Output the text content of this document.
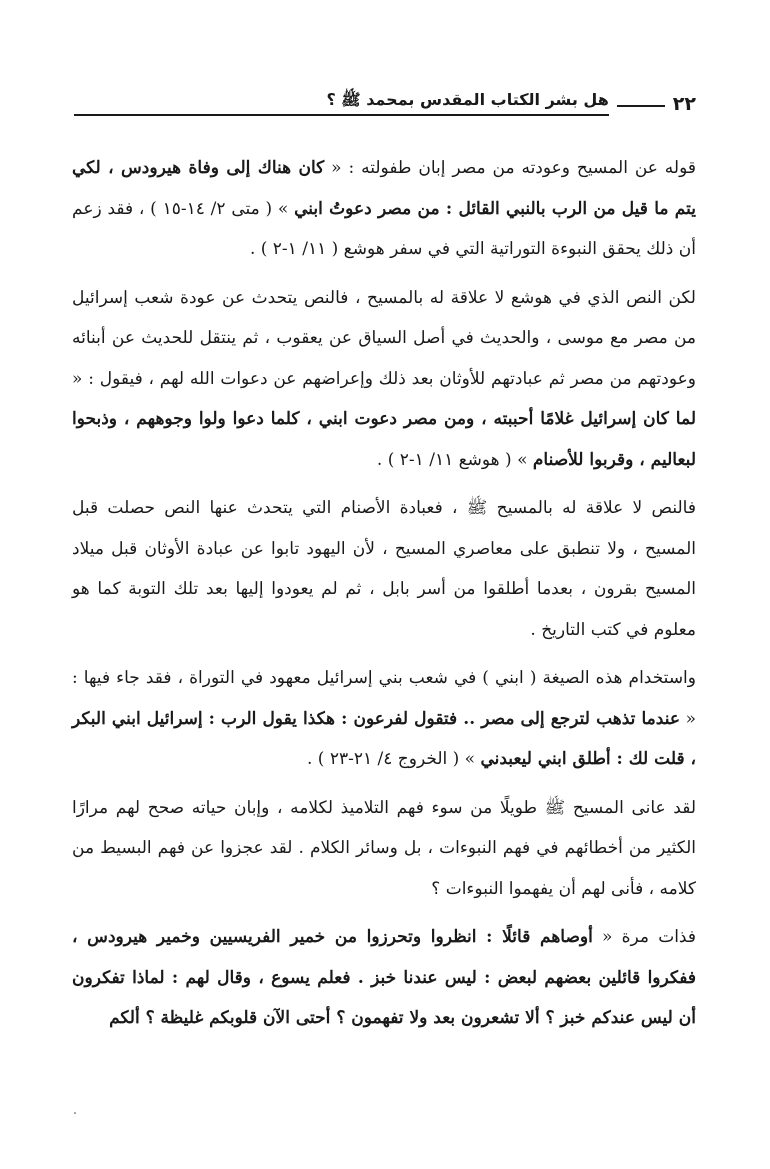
٢٢
هل بشر الكتاب المقدس بمحمد ﷺ ؟

قوله عن المسيح وعودته من مصر إبان طفولته : « كان هناك إلى وفاة هيرودس ، لكي يتم ما قيل من الرب بالنبي القائل : من مصر دعوتُ ابني » ( متى ٢/ ١٤-١٥ ) ، فقد زعم أن ذلك يحقق النبوءة التوراتية التي في سفر هوشع ( ١١/ ١-٢ ) .

لكن النص الذي في هوشع لا علاقة له بالمسيح ، فالنص يتحدث عن عودة شعب إسرائيل من مصر مع موسى ، والحديث في أصل السياق عن يعقوب ، ثم ينتقل للحديث عن أبنائه وعودتهم من مصر ثم عبادتهم للأوثان بعد ذلك وإعراضهم عن دعوات الله لهم ، فيقول : « لما كان إسرائيل غلامًا أحببته ، ومن مصر دعوت ابني ، كلما دعوا ولوا وجوههم ، وذبحوا لبعاليم ، وقربوا للأصنام » ( هوشع ١١/ ١-٢ ) .

فالنص لا علاقة له بالمسيح ﷺ ، فعبادة الأصنام التي يتحدث عنها النص حصلت قبل المسيح ، ولا تنطبق على معاصري المسيح ، لأن اليهود تابوا عن عبادة الأوثان قبل ميلاد المسيح بقرون ، بعدما أطلقوا من أسر بابل ، ثم لم يعودوا إليها بعد تلك التوبة كما هو معلوم في كتب التاريخ .

واستخدام هذه الصيغة ( ابني ) في شعب بني إسرائيل معهود في التوراة ، فقد جاء فيها : « عندما تذهب لترجع إلى مصر .. فتقول لفرعون : هكذا يقول الرب : إسرائيل ابني البكر ، قلت لك : أطلق ابني ليعبدني » ( الخروج ٤/ ٢١-٢٣ ) .

لقد عانى المسيح ﷺ طويلًا من سوء فهم التلاميذ لكلامه ، وإبان حياته صحح لهم مرارًا الكثير من أخطائهم في فهم النبوءات ، بل وسائر الكلام . لقد عجزوا عن فهم البسيط من كلامه ، فأنى لهم أن يفهموا النبوءات ؟

فذات مرة « أوصاهم قائلًا : انظروا وتحرزوا من خمير الفريسيين وخمير هيرودس ، ففكروا قائلين بعضهم لبعض : ليس عندنا خبز . فعلم يسوع ، وقال لهم : لماذا تفكرون أن ليس عندكم خبز ؟ ألا تشعرون بعد ولا تفهمون ؟ أحتى الآن قلوبكم غليظة ؟ ألكم
